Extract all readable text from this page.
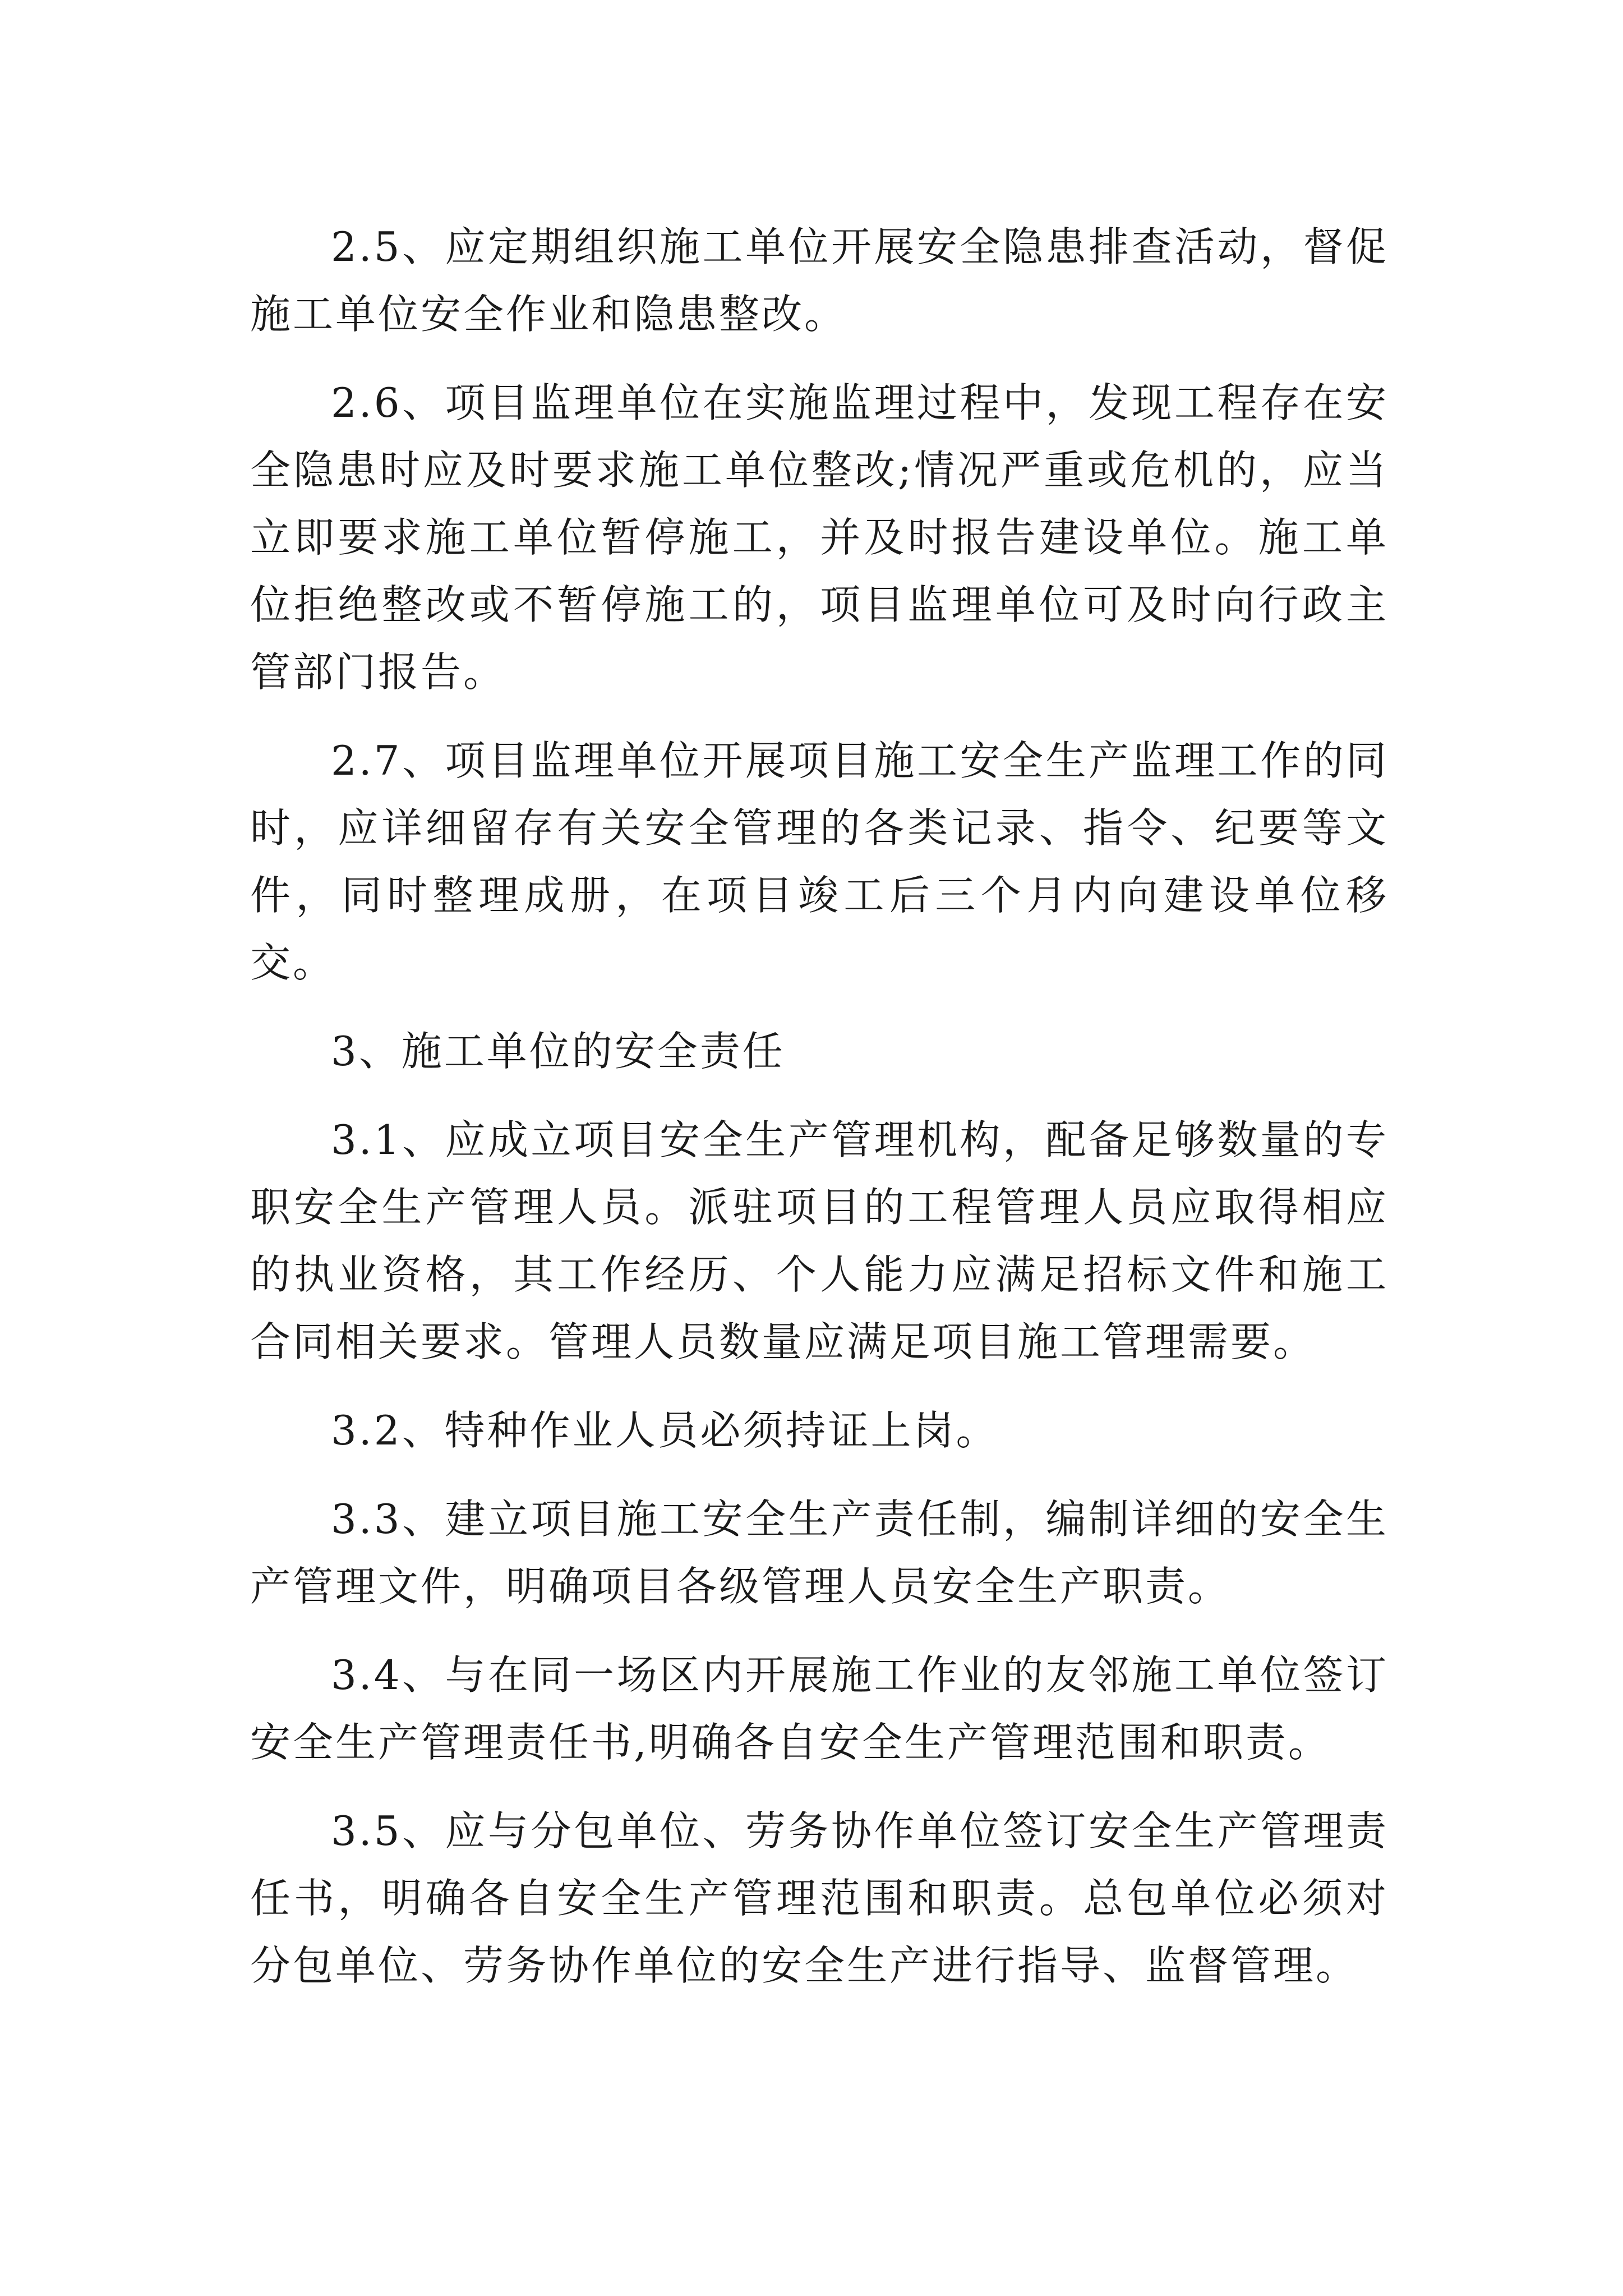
2.5、应定期组织施工单位开展安全隐患排查活动，督促施工单位安全作业和隐患整改。

2.6、项目监理单位在实施监理过程中，发现工程存在安全隐患时应及时要求施工单位整改;情况严重或危机的，应当立即要求施工单位暂停施工，并及时报告建设单位。施工单位拒绝整改或不暂停施工的，项目监理单位可及时向行政主管部门报告。

2.7、项目监理单位开展项目施工安全生产监理工作的同时，应详细留存有关安全管理的各类记录、指令、纪要等文件，同时整理成册，在项目竣工后三个月内向建设单位移交。

3、施工单位的安全责任

3.1、应成立项目安全生产管理机构，配备足够数量的专职安全生产管理人员。派驻项目的工程管理人员应取得相应的执业资格，其工作经历、个人能力应满足招标文件和施工合同相关要求。管理人员数量应满足项目施工管理需要。

3.2、特种作业人员必须持证上岗。

3.3、建立项目施工安全生产责任制，编制详细的安全生产管理文件，明确项目各级管理人员安全生产职责。

3.4、与在同一场区内开展施工作业的友邻施工单位签订安全生产管理责任书,明确各自安全生产管理范围和职责。

3.5、应与分包单位、劳务协作单位签订安全生产管理责任书，明确各自安全生产管理范围和职责。总包单位必须对分包单位、劳务协作单位的安全生产进行指导、监督管理。
